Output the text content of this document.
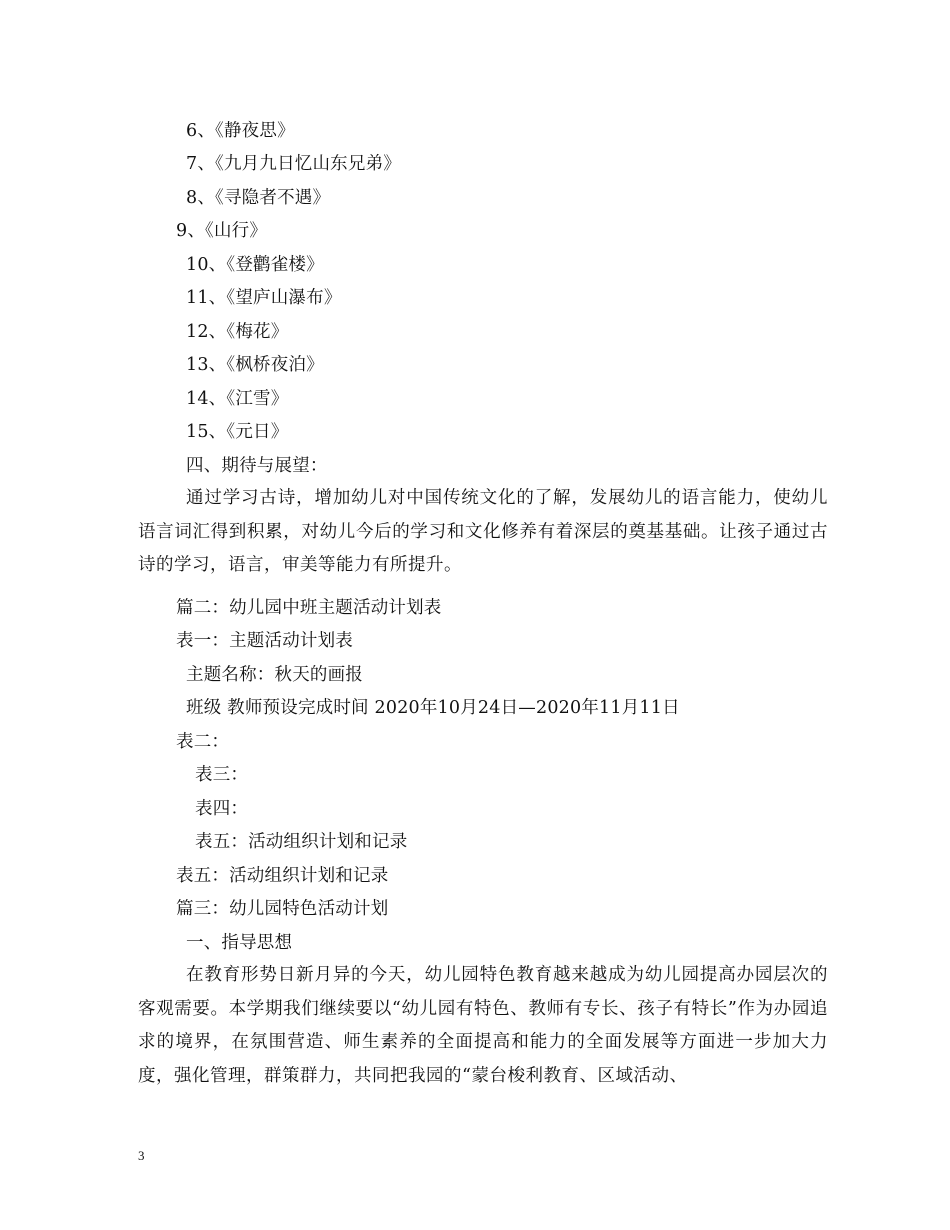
6、《静夜思》
7、《九月九日忆山东兄弟》
8、《寻隐者不遇》
9、《山行》
10、《登鹳雀楼》
11、《望庐山瀑布》
12、《梅花》
13、《枫桥夜泊》
14、《江雪》
15、《元日》
四、期待与展望：
通过学习古诗，增加幼儿对中国传统文化的了解，发展幼儿的语言能力，使幼儿语言词汇得到积累，对幼儿今后的学习和文化修养有着深层的奠基基础。让孩子通过古诗的学习，语言，审美等能力有所提升。
篇二：幼儿园中班主题活动计划表
表一：主题活动计划表
主题名称：秋天的画报
班级 教师预设完成时间 2020年10月24日—2020年11月11日
表二：
表三：
表四：
表五：活动组织计划和记录
表五：活动组织计划和记录
篇三：幼儿园特色活动计划
一、指导思想
在教育形势日新月异的今天，幼儿园特色教育越来越成为幼儿园提高办园层次的客观需要。本学期我们继续要以“幼儿园有特色、教师有专长、孩子有特长”作为办园追求的境界，在氛围营造、师生素养的全面提高和能力的全面发展等方面进一步加大力度，强化管理，群策群力，共同把我园的“蒙台梭利教育、区域活动、
3
